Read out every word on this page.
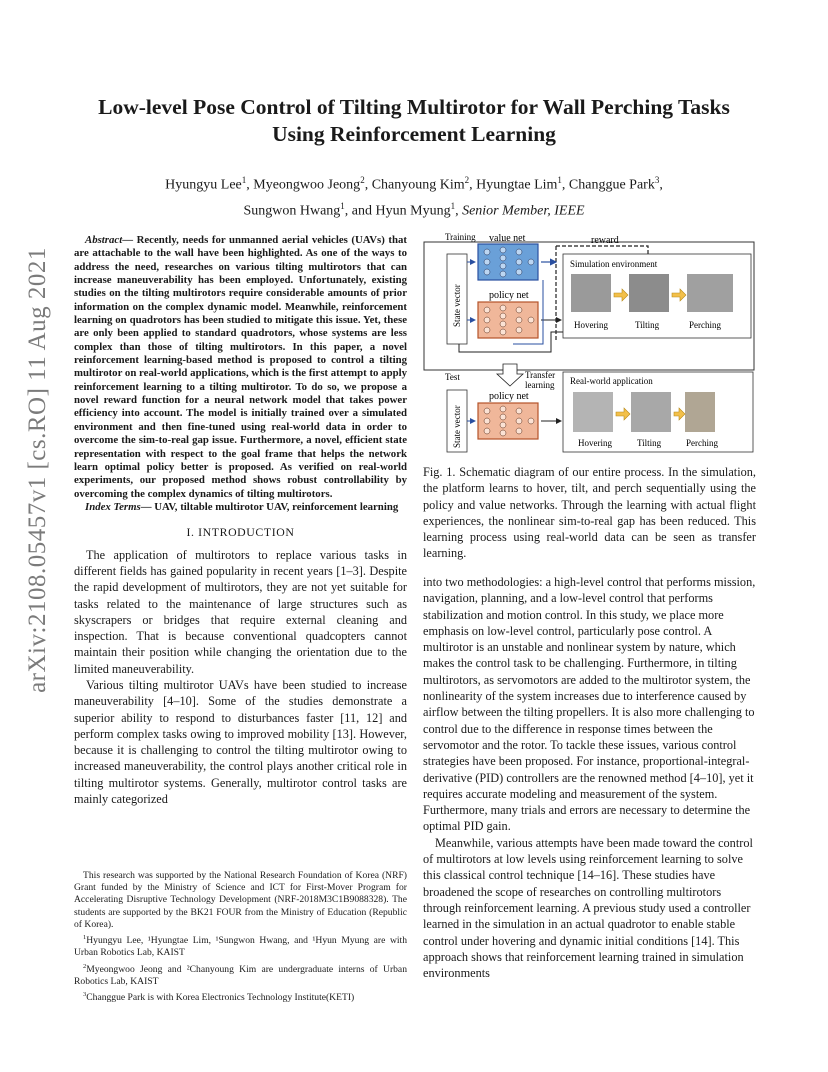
arXiv:2108.05457v1 [cs.RO] 11 Aug 2021
Low-level Pose Control of Tilting Multirotor for Wall Perching Tasks
Using Reinforcement Learning
Hyungyu Lee$^1$, Myeongwoo Jeong$^2$, Chanyoung Kim$^2$, Hyungtae Lim$^1$, Changgue Park$^3$,
Sungwon Hwang$^1$, and Hyun Myung$^1$, Senior Member, IEEE

Abstract— Recently, needs for unmanned aerial vehicles (UAVs) that are attachable to the wall have been highlighted. As one of the ways to address the need, researches on various tilting multirotors that can increase maneuverability has been employed. Unfortunately, existing studies on the tilting multirotors require considerable amounts of prior information on the complex dynamic model. Meanwhile, reinforcement learning on quadrotors has been studied to mitigate this issue. Yet, these are only been applied to standard quadrotors, whose systems are less complex than those of tilting multirotors. In this paper, a novel reinforcement learning-based method is proposed to control a tilting multirotor on real-world applications, which is the first attempt to apply reinforcement learning to a tilting multirotor. To do so, we propose a novel reward function for a neural network model that takes power efficiency into account. The model is initially trained over a simulated environment and then fine-tuned using real-world data in order to overcome the sim-to-real gap issue. Furthermore, a novel, efficient state representation with respect to the goal frame that helps the network learn optimal policy better is proposed. As verified on real-world experiments, our proposed method shows robust controllability by overcoming the complex dynamics of tilting multirotors.

Index Terms— UAV, tiltable multirotor UAV, reinforcement learning

I. INTRODUCTION

The application of multirotors to replace various tasks in different fields has gained popularity in recent years [1–3]. Despite the rapid development of multirotors, they are not yet suitable for tasks related to the maintenance of large structures such as skyscrapers or bridges that require external cleaning and inspection. That is because conventional quadcopters cannot maintain their position while changing the orientation due to the limited maneuverability.

Various tilting multirotor UAVs have been studied to increase maneuverability [4–10]. Some of the studies demonstrate a superior ability to respond to disturbances faster [11, 12] and perform complex tasks owing to improved mobility [13]. However, because it is challenging to control the tilting multirotor owing to increased maneuverability, the control plays another critical role in tilting multirotor systems. Generally, multirotor control tasks are mainly categorized

This research was supported by the National Research Foundation of Korea (NRF) Grant funded by the Ministry of Science and ICT for First-Mover Program for Accelerating Disruptive Technology Development (NRF-2018M3C1B9088328). The students are supported by the BK21 FOUR from the Ministry of Education (Republic of Korea).

$^1$Hyungyu Lee, ¹Hyungtae Lim, ¹Sungwon Hwang, and ¹Hyun Myung are with Urban Robotics Lab, KAIST

$^2$Myeongwoo Jeong and ²Chanyoung Kim are undergraduate interns of Urban Robotics Lab, KAIST

$^3$Changgue Park is with Korea Electronics Technology Institute(KETI)

Training value net	reward
Simulation environment
Hovering	Tilting	Perching
policy net
State vector
Test	Transfer
learning
policy net
State vector
Real-world application
Hovering	Tilting	Perching
Fig. 1. Schematic diagram of our entire process. In the simulation, the platform learns to hover, tilt, and perch sequentially using the policy and value networks. Through the learning with actual flight experiences, the nonlinear sim-to-real gap has been reduced. This learning process using real-world data can be seen as transfer learning.

into two methodologies: a high-level control that performs mission, navigation, planning, and a low-level control that performs stabilization and motion control. In this study, we place more emphasis on low-level control, particularly pose control. A multirotor is an unstable and nonlinear system by nature, which makes the control task to be challenging. Furthermore, in tilting multirotors, as servomotors are added to the multirotor system, the nonlinearity of the system increases due to interference caused by airflow between the tilting propellers. It is also more challenging to control due to the difference in response times between the servomotor and the rotor. To tackle these issues, various control strategies have been proposed. For instance, proportional-integral-derivative (PID) controllers are the renowned method [4–10], yet it requires accurate modeling and measurement of the system. Furthermore, many trials and errors are necessary to determine the optimal PID gain.

Meanwhile, various attempts have been made toward the control of multirotors at low levels using reinforcement learning to solve this classical control technique [14–16]. These studies have broadened the scope of researches on controlling multirotors through reinforcement learning. A previous study used a controller learned in the simulation in an actual quadrotor to enable stable control under hovering and dynamic initial conditions [14]. This approach shows that reinforcement learning trained in simulation environments
